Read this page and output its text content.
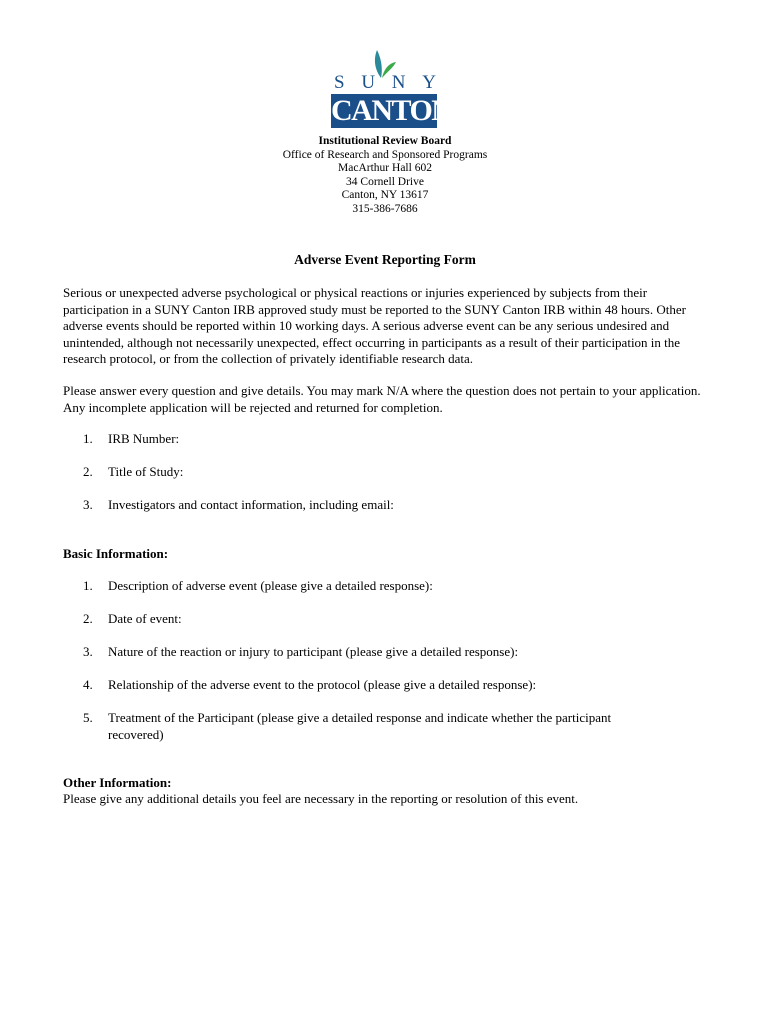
S U N Y
CANTON
Institutional Review Board
Office of Research and Sponsored Programs
MacArthur Hall 602
34 Cornell Drive
Canton, NY 13617
315-386-7686
Adverse Event Reporting Form
Serious or unexpected adverse psychological or physical reactions or injuries experienced by subjects from their participation in a SUNY Canton IRB approved study must be reported to the SUNY Canton IRB within 48 hours. Other adverse events should be reported within 10 working days. A serious adverse event can be any serious undesired and unintended, although not necessarily unexpected, effect occurring in participants as a result of their participation in the research protocol, or from the collection of privately identifiable research data.
Please answer every question and give details. You may mark N/A where the question does not pertain to your application. Any incomplete application will be rejected and returned for completion.
1. IRB Number:
2. Title of Study:
3. Investigators and contact information, including email:
Basic Information:
1. Description of adverse event (please give a detailed response):
2. Date of event:
3. Nature of the reaction or injury to participant (please give a detailed response):
4. Relationship of the adverse event to the protocol (please give a detailed response):
5. Treatment of the Participant (please give a detailed response and indicate whether the participant recovered)
Other Information:
Please give any additional details you feel are necessary in the reporting or resolution of this event.
